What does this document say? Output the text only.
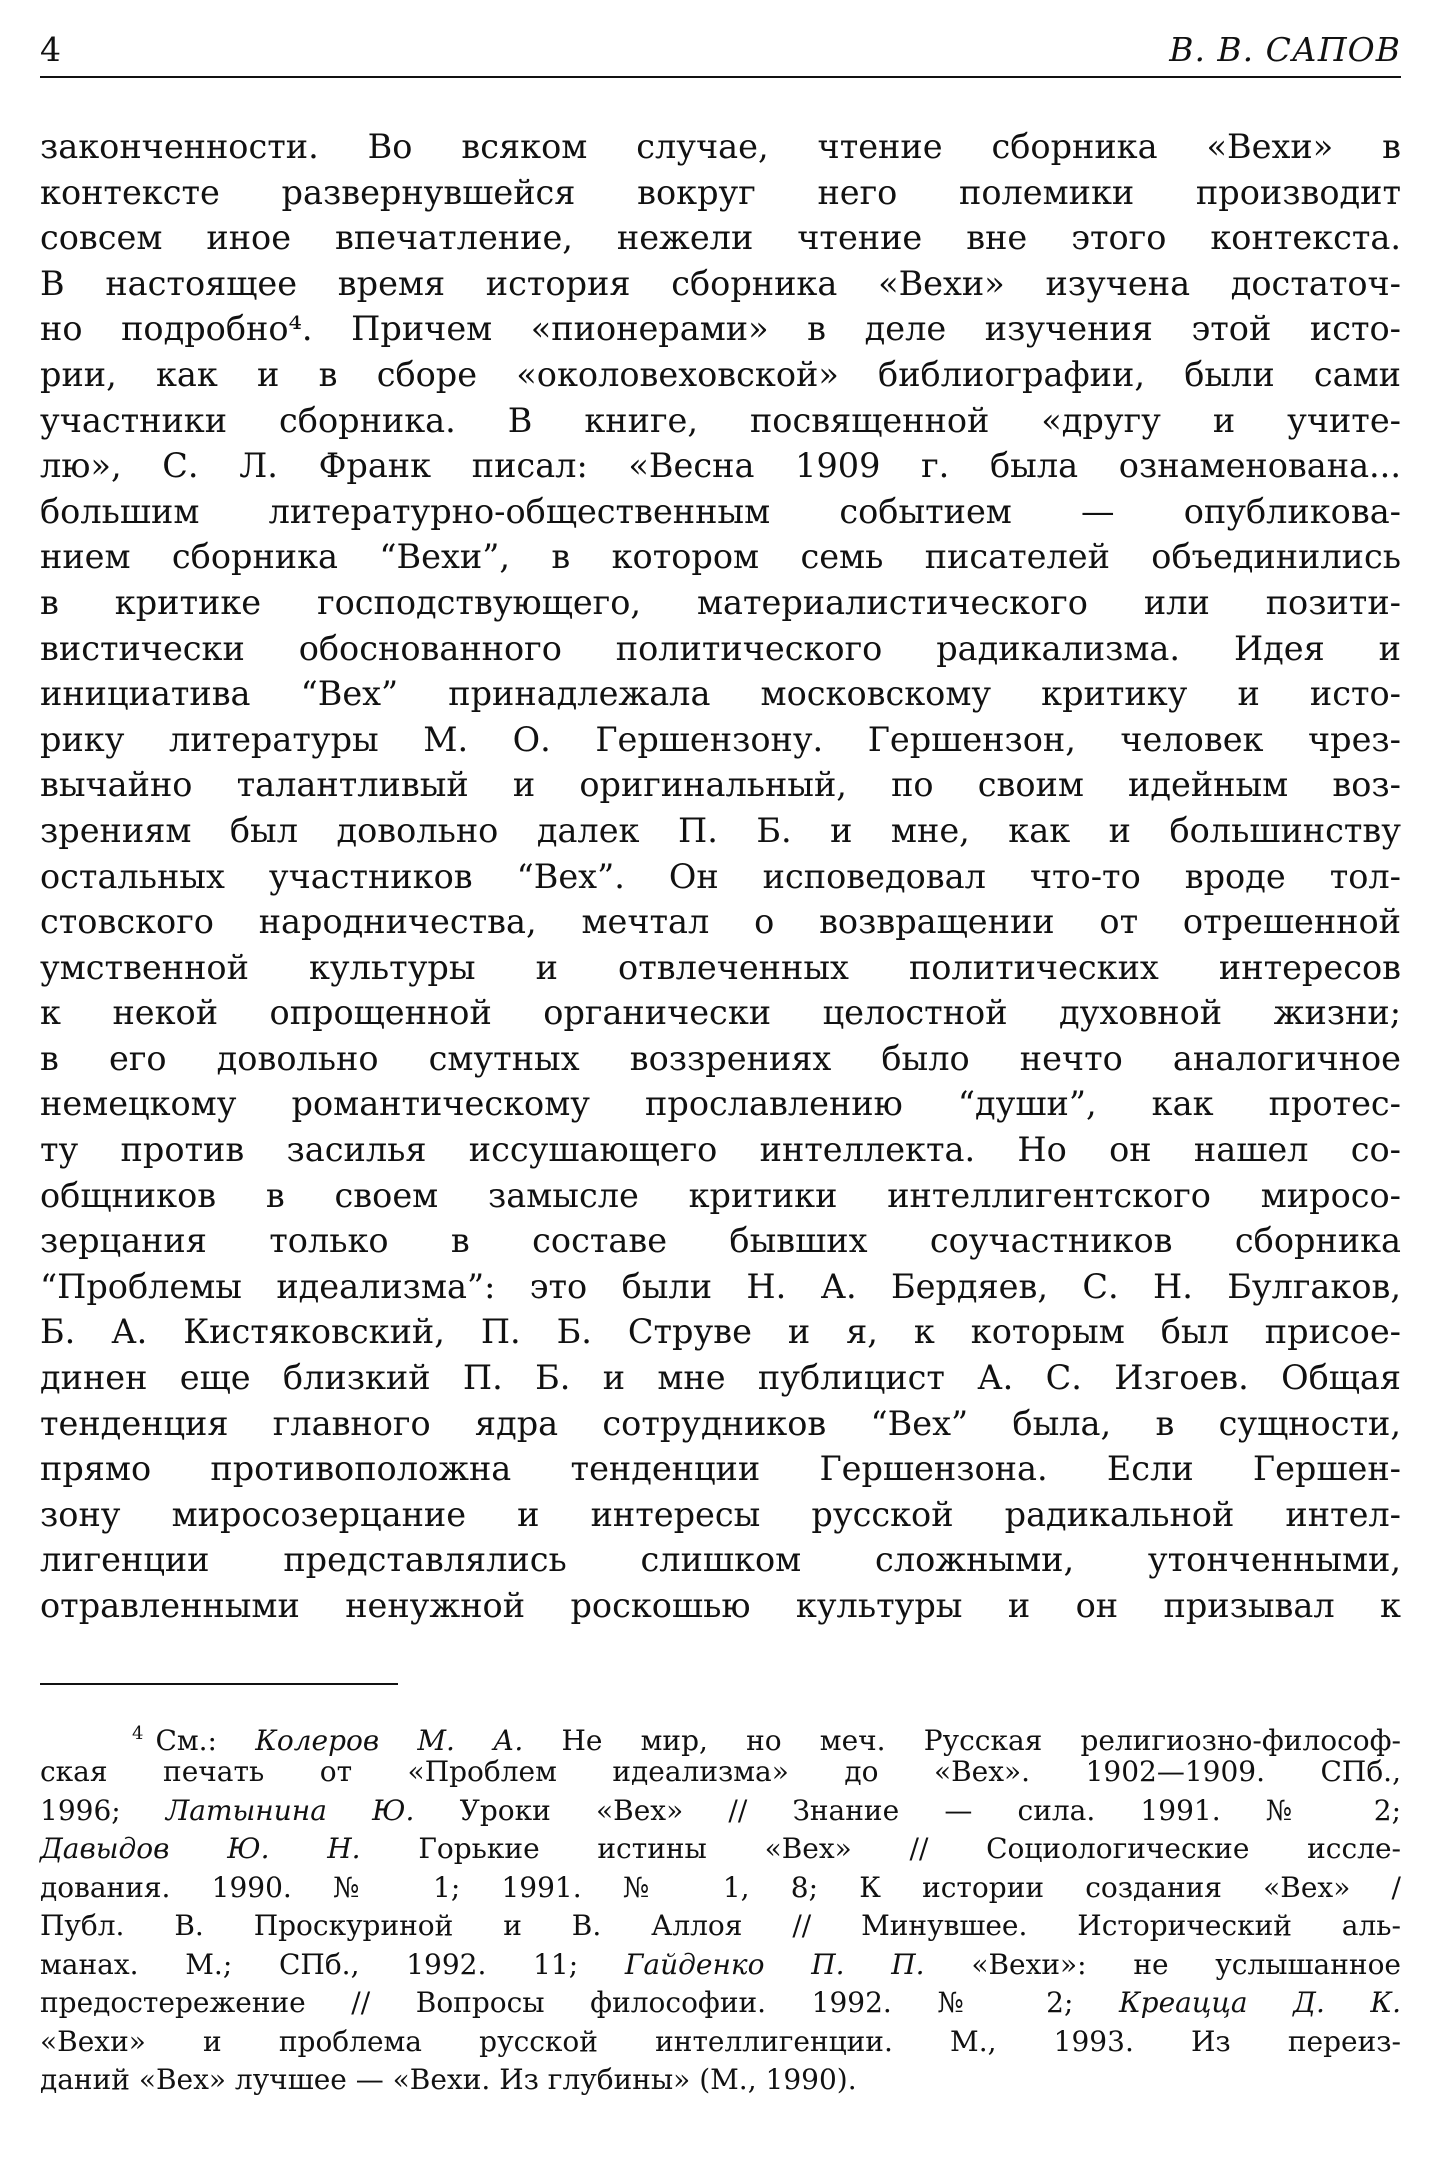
4	В. В. САПОВ
законченности. Во всяком случае, чтение сборника «Вехи» в
контексте развернувшейся вокруг него полемики производит
совсем иное впечатление, нежели чтение вне этого контекста.
В настоящее время история сборника «Вехи» изучена достаточ-
но подробно⁴. Причем «пионерами» в деле изучения этой исто-
рии, как и в сборе «околовеховской» библиографии, были сами
участники сборника. В книге, посвященной «другу и учите-
лю», С. Л. Франк писал: «Весна 1909 г. была ознаменована...
большим литературно-общественным событием — опубликова-
нием сборника “Вехи”, в котором семь писателей объединились
в критике господствующего, материалистического или позити-
вистически обоснованного политического радикализма. Идея и
инициатива “Вех” принадлежала московскому критику и исто-
рику литературы М. О. Гершензону. Гершензон, человек чрез-
вычайно талантливый и оригинальный, по своим идейным воз-
зрениям был довольно далек П. Б. и мне, как и большинству
остальных участников “Вех”. Он исповедовал что-то вроде тол-
стовского народничества, мечтал о возвращении от отрешенной
умственной культуры и отвлеченных политических интересов
к некой опрощенной органически целостной духовной жизни;
в его довольно смутных воззрениях было нечто аналогичное
немецкому романтическому прославлению “души”, как протес-
ту против засилья иссушающего интеллекта. Но он нашел со-
общников в своем замысле критики интеллигентского миросо-
зерцания только в составе бывших соучастников сборника
“Проблемы идеализма”: это были Н. А. Бердяев, С. Н. Булгаков,
Б. А. Кистяковский, П. Б. Струве и я, к которым был присое-
динен еще близкий П. Б. и мне публицист А. С. Изгоев. Общая
тенденция главного ядра сотрудников “Вех” была, в сущности,
прямо противоположна тенденции Гершензона. Если Гершен-
зону миросозерцание и интересы русской радикальной интел-
лигенции представлялись слишком сложными, утонченными,
отравленными ненужной роскошью культуры и он призывал к
$^4$ См.: Колеров М. А. Не мир, но меч. Русская религиозно-философ-
ская печать от «Проблем идеализма» до «Вех». 1902—1909. СПб.,
1996; Латынина Ю. Уроки «Вех» // Знание — сила. 1991. № 2;
Давыдов Ю. Н. Горькие истины «Вех» // Социологические иссле-
дования. 1990. № 1; 1991. № 1, 8; К истории создания «Вех» /
Публ. В. Проскуриной и В. Аллоя // Минувшее. Исторический аль-
манах. М.; СПб., 1992. 11; Гайденко П. П. «Вехи»: не услышанное
предостережение // Вопросы философии. 1992. № 2; Креацца Д. К.
«Вехи» и проблема русской интеллигенции. М., 1993. Из переиз-
даний «Вех» лучшее — «Вехи. Из глубины» (М., 1990).
